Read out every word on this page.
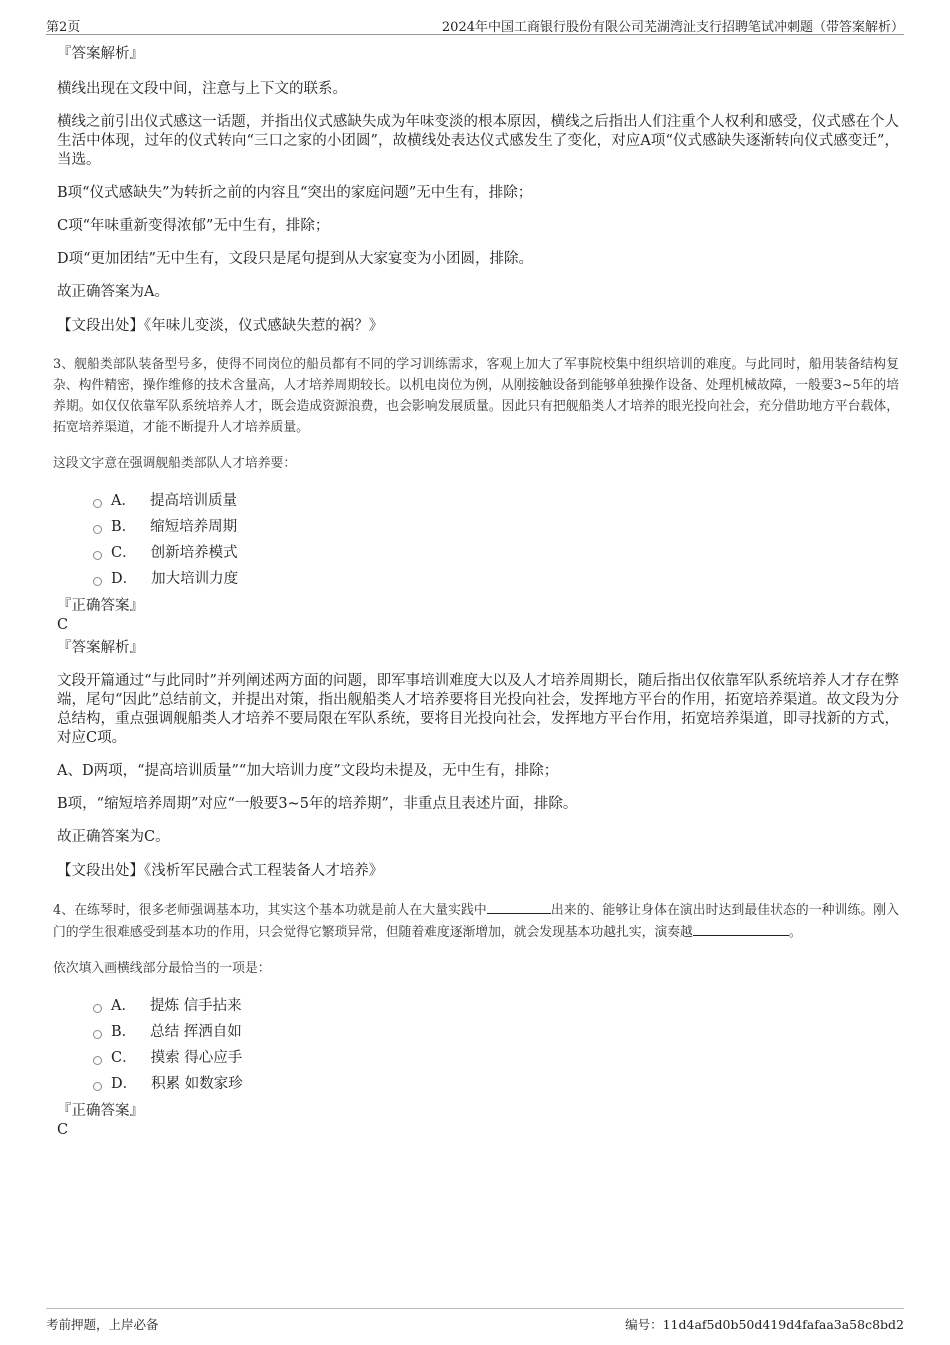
第2页	2024年中国工商银行股份有限公司芜湖湾沚支行招聘笔试冲刺题（带答案解析）

『答案解析』

横线出现在文段中间，注意与上下文的联系。

横线之前引出仪式感这一话题，并指出仪式感缺失成为年味变淡的根本原因，横线之后指出人们注重个人权利和感受，仪式感在个人生活中体现，过年的仪式转向“三口之家的小团圆”，故横线处表达仪式感发生了变化，对应A项“仪式感缺失逐渐转向仪式感变迁”，当选。

B项“仪式感缺失”为转折之前的内容且“突出的家庭问题”无中生有，排除；

C项“年味重新变得浓郁”无中生有，排除；

D项“更加团结”无中生有，文段只是尾句提到从大家宴变为小团圆，排除。

故正确答案为A。

【文段出处】《年味儿变淡，仪式感缺失惹的祸？》

3、舰船类部队装备型号多，使得不同岗位的船员都有不同的学习训练需求，客观上加大了军事院校集中组织培训的难度。与此同时，船用装备结构复杂、构件精密，操作维修的技术含量高，人才培养周期较长。以机电岗位为例，从刚接触设备到能够单独操作设备、处理机械故障，一般要3~5年的培养期。如仅仅依靠军队系统培养人才，既会造成资源浪费，也会影响发展质量。因此只有把舰船类人才培养的眼光投向社会，充分借助地方平台载体，拓宽培养渠道，才能不断提升人才培养质量。

这段文字意在强调舰船类部队人才培养要：

A． 提高培训质量
B． 缩短培养周期
C． 创新培养模式
D． 加大培训力度

『正确答案』

C

『答案解析』

文段开篇通过“与此同时”并列阐述两方面的问题，即军事培训难度大以及人才培养周期长，随后指出仅依靠军队系统培养人才存在弊端，尾句“因此”总结前文，并提出对策，指出舰船类人才培养要将目光投向社会，发挥地方平台的作用，拓宽培养渠道。故文段为分总结构，重点强调舰船类人才培养不要局限在军队系统，要将目光投向社会，发挥地方平台作用，拓宽培养渠道，即寻找新的方式，对应C项。

A、D两项，“提高培训质量”“加大培训力度”文段均未提及，无中生有，排除；

B项，“缩短培养周期”对应“一般要3~5年的培养期”，非重点且表述片面，排除。

故正确答案为C。

【文段出处】《浅析军民融合式工程装备人才培养》

4、在练琴时，很多老师强调基本功，其实这个基本功就是前人在大量实践中	出来的、能够让身体在演出时达到最佳状态的一种训练。刚入门的学生很难感受到基本功的作用，只会觉得它繁琐异常，但随着难度逐渐增加，就会发现基本功越扎实，演奏越	。

依次填入画横线部分最恰当的一项是：

A． 提炼 信手拈来
B． 总结 挥洒自如
C． 摸索 得心应手
D． 积累 如数家珍

『正确答案』

C

考前押题，上岸必备	编号：11d4af5d0b50d419d4fafaa3a58c8bd2
